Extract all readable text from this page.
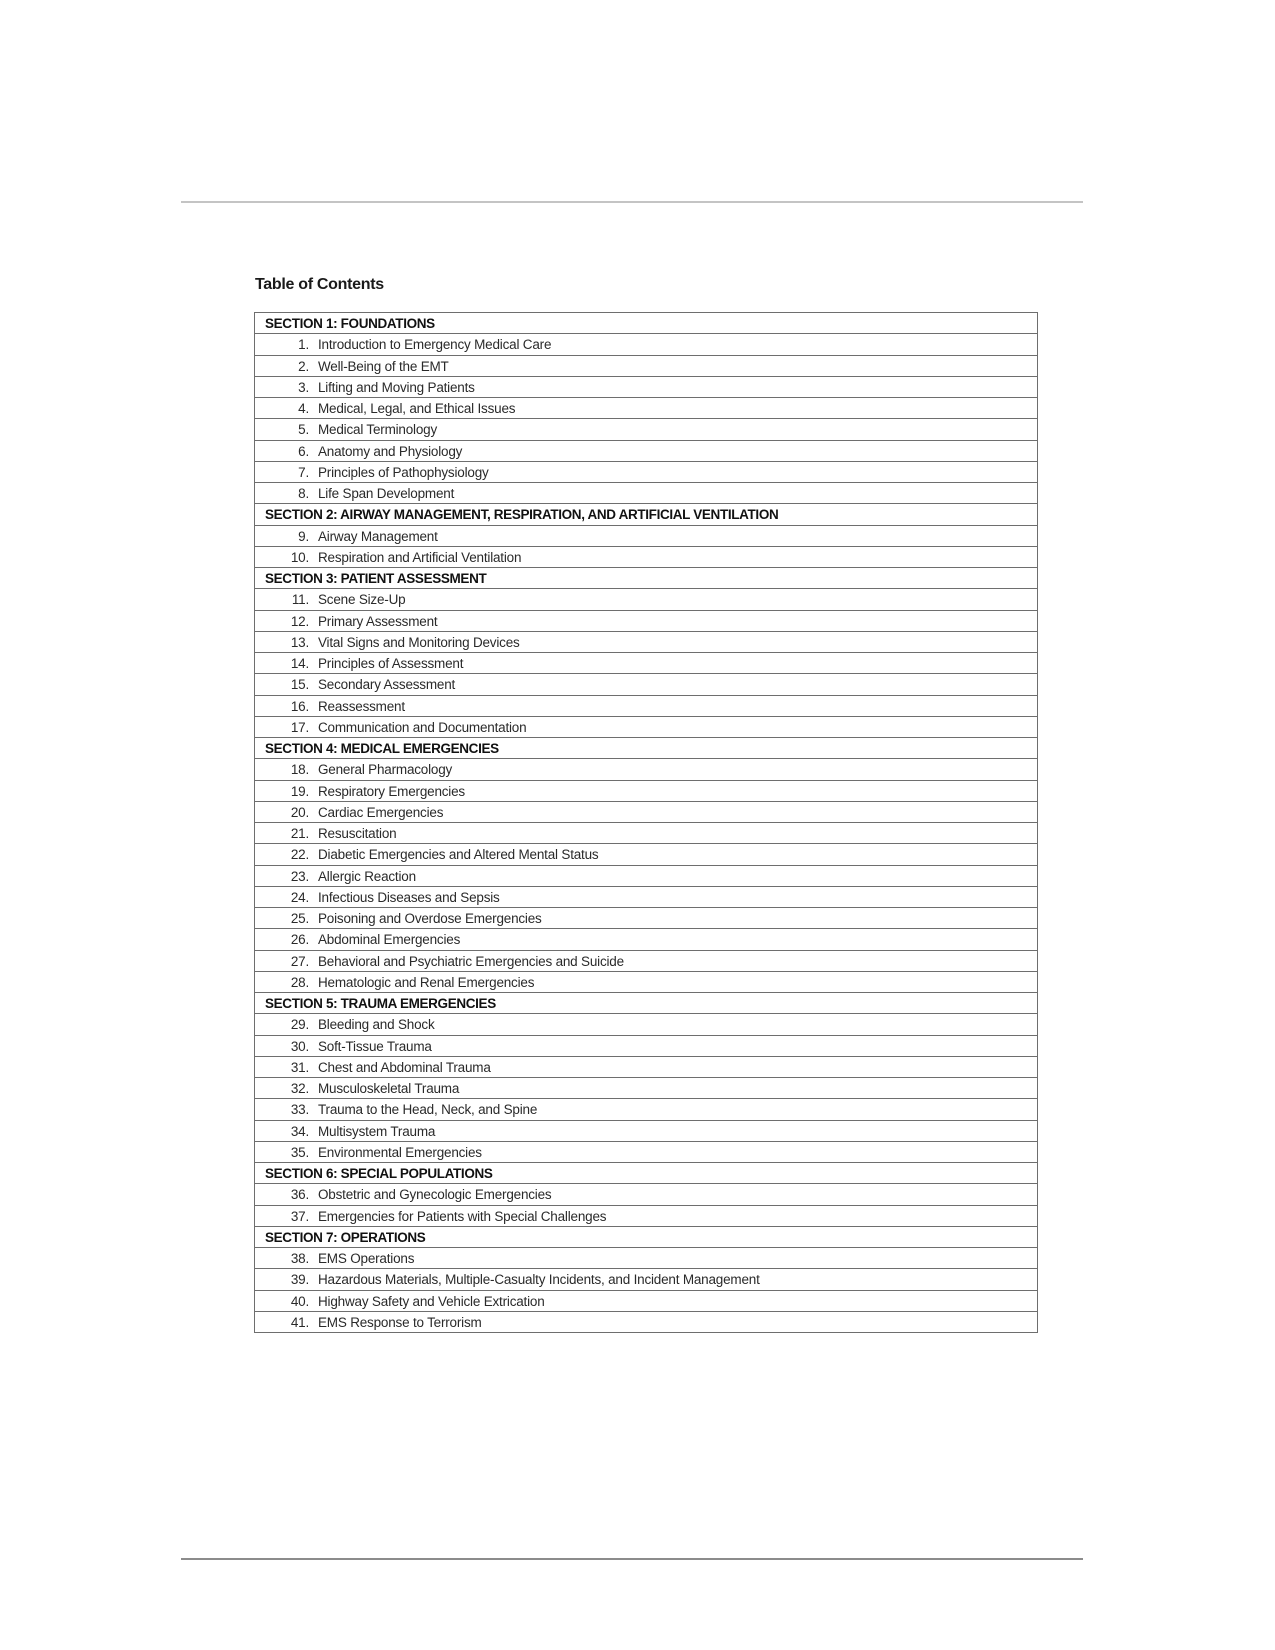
Table of Contents
SECTION 1: FOUNDATIONS
1. Introduction to Emergency Medical Care
2. Well-Being of the EMT
3. Lifting and Moving Patients
4. Medical, Legal, and Ethical Issues
5. Medical Terminology
6. Anatomy and Physiology
7. Principles of Pathophysiology
8. Life Span Development
SECTION 2: AIRWAY MANAGEMENT, RESPIRATION, AND ARTIFICIAL VENTILATION
9. Airway Management
10. Respiration and Artificial Ventilation
SECTION 3: PATIENT ASSESSMENT
11. Scene Size-Up
12. Primary Assessment
13. Vital Signs and Monitoring Devices
14. Principles of Assessment
15. Secondary Assessment
16. Reassessment
17. Communication and Documentation
SECTION 4: MEDICAL EMERGENCIES
18. General Pharmacology
19. Respiratory Emergencies
20. Cardiac Emergencies
21. Resuscitation
22. Diabetic Emergencies and Altered Mental Status
23. Allergic Reaction
24. Infectious Diseases and Sepsis
25. Poisoning and Overdose Emergencies
26. Abdominal Emergencies
27. Behavioral and Psychiatric Emergencies and Suicide
28. Hematologic and Renal Emergencies
SECTION 5: TRAUMA EMERGENCIES
29. Bleeding and Shock
30. Soft-Tissue Trauma
31. Chest and Abdominal Trauma
32. Musculoskeletal Trauma
33. Trauma to the Head, Neck, and Spine
34. Multisystem Trauma
35. Environmental Emergencies
SECTION 6: SPECIAL POPULATIONS
36. Obstetric and Gynecologic Emergencies
37. Emergencies for Patients with Special Challenges
SECTION 7: OPERATIONS
38. EMS Operations
39. Hazardous Materials, Multiple-Casualty Incidents, and Incident Management
40. Highway Safety and Vehicle Extrication
41. EMS Response to Terrorism
